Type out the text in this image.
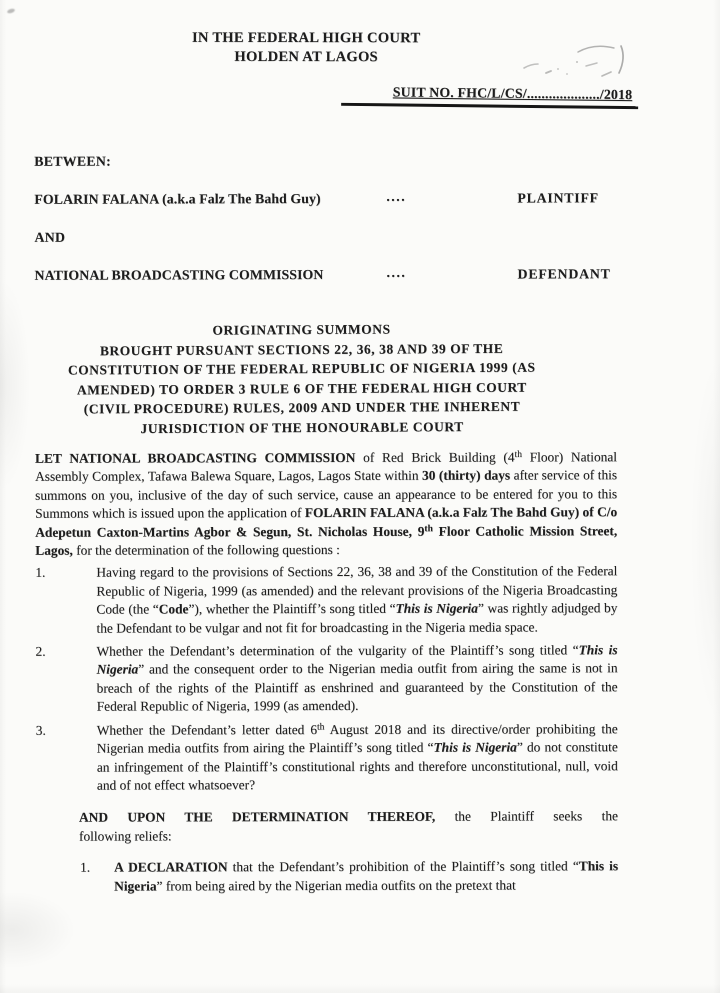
IN THE FEDERAL HIGH COURT
HOLDEN AT LAGOS
SUIT NO. FHC/L/CS/..................../2018
BETWEEN:
FOLARIN FALANA (a.k.a Falz The Bahd Guy)	....	PLAINTIFF
AND
NATIONAL BROADCASTING COMMISSION	....	DEFENDANT
ORIGINATING SUMMONS
BROUGHT PURSUANT SECTIONS 22, 36, 38 AND 39 OF THE
CONSTITUTION OF THE FEDERAL REPUBLIC OF NIGERIA 1999 (AS
AMENDED) TO ORDER 3 RULE 6 OF THE FEDERAL HIGH COURT
(CIVIL PROCEDURE) RULES, 2009 AND UNDER THE INHERENT
JURISDICTION OF THE HONOURABLE COURT

LET NATIONAL BROADCASTING COMMISSION of Red Brick Building (4th Floor) National Assembly Complex, Tafawa Balewa Square, Lagos, Lagos State within 30 (thirty) days after service of this summons on you, inclusive of the day of such service, cause an appearance to be entered for you to this Summons which is issued upon the application of FOLARIN FALANA (a.k.a Falz The Bahd Guy) of C/o Adepetun Caxton-Martins Agbor & Segun, St. Nicholas House, 9th Floor Catholic Mission Street, Lagos, for the determination of the following questions :

1.	Having regard to the provisions of Sections 22, 36, 38 and 39 of the Constitution of the Federal Republic of Nigeria, 1999 (as amended) and the relevant provisions of the Nigeria Broadcasting Code (the “Code”), whether the Plaintiff’s song titled “This is Nigeria” was rightly adjudged by the Defendant to be vulgar and not fit for broadcasting in the Nigeria media space.

2.	Whether the Defendant’s determination of the vulgarity of the Plaintiff’s song titled “This is Nigeria” and the consequent order to the Nigerian media outfit from airing the same is not in breach of the rights of the Plaintiff as enshrined and guaranteed by the Constitution of the Federal Republic of Nigeria, 1999 (as amended).

3.	Whether the Defendant’s letter dated 6th August 2018 and its directive/order prohibiting the Nigerian media outfits from airing the Plaintiff’s song titled “This is Nigeria” do not constitute an infringement of the Plaintiff’s constitutional rights and therefore unconstitutional, null, void and of not effect whatsoever?

AND UPON THE DETERMINATION THEREOF, the Plaintiff seeks the
following reliefs:
1.	A DECLARATION that the Defendant’s prohibition of the Plaintiff’s song titled “This is Nigeria” from being aired by the Nigerian media outfits on the pretext that
